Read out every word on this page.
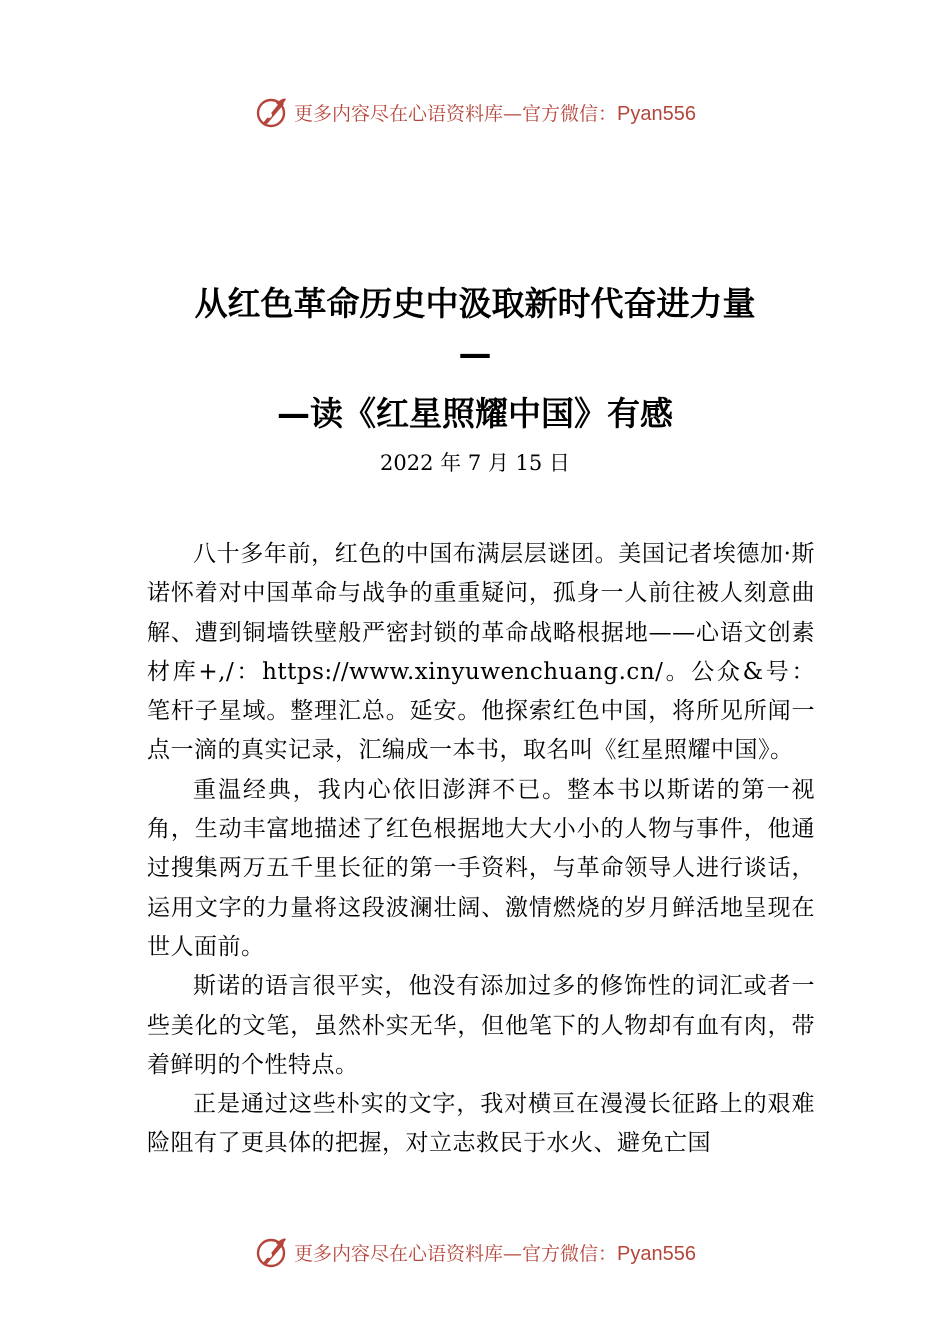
更多内容尽在心语资料库—官方微信：Pyan556
从红色革命历史中汲取新时代奋进力量
—
—读《红星照耀中国》有感
2022 年 7 月 15 日

八十多年前，红色的中国布满层层谜团。美国记者埃德加·斯诺怀着对中国革命与战争的重重疑问，孤身一人前往被人刻意曲解、遭到铜墙铁壁般严密封锁的革命战略根据地——心语文创素材库+,/：https://www.xinyuwenchuang.cn/。公众&号：笔杆子星域。整理汇总。延安。他探索红色中国，将所见所闻一点一滴的真实记录，汇编成一本书，取名叫《红星照耀中国》。

重温经典，我内心依旧澎湃不已。整本书以斯诺的第一视角，生动丰富地描述了红色根据地大大小小的人物与事件，他通过搜集两万五千里长征的第一手资料，与革命领导人进行谈话，运用文字的力量将这段波澜壮阔、激情燃烧的岁月鲜活地呈现在世人面前。

斯诺的语言很平实，他没有添加过多的修饰性的词汇或者一些美化的文笔，虽然朴实无华，但他笔下的人物却有血有肉，带着鲜明的个性特点。

正是通过这些朴实的文字，我对横亘在漫漫长征路上的艰难险阻有了更具体的把握，对立志救民于水火、避免亡国

更多内容尽在心语资料库—官方微信：Pyan556
